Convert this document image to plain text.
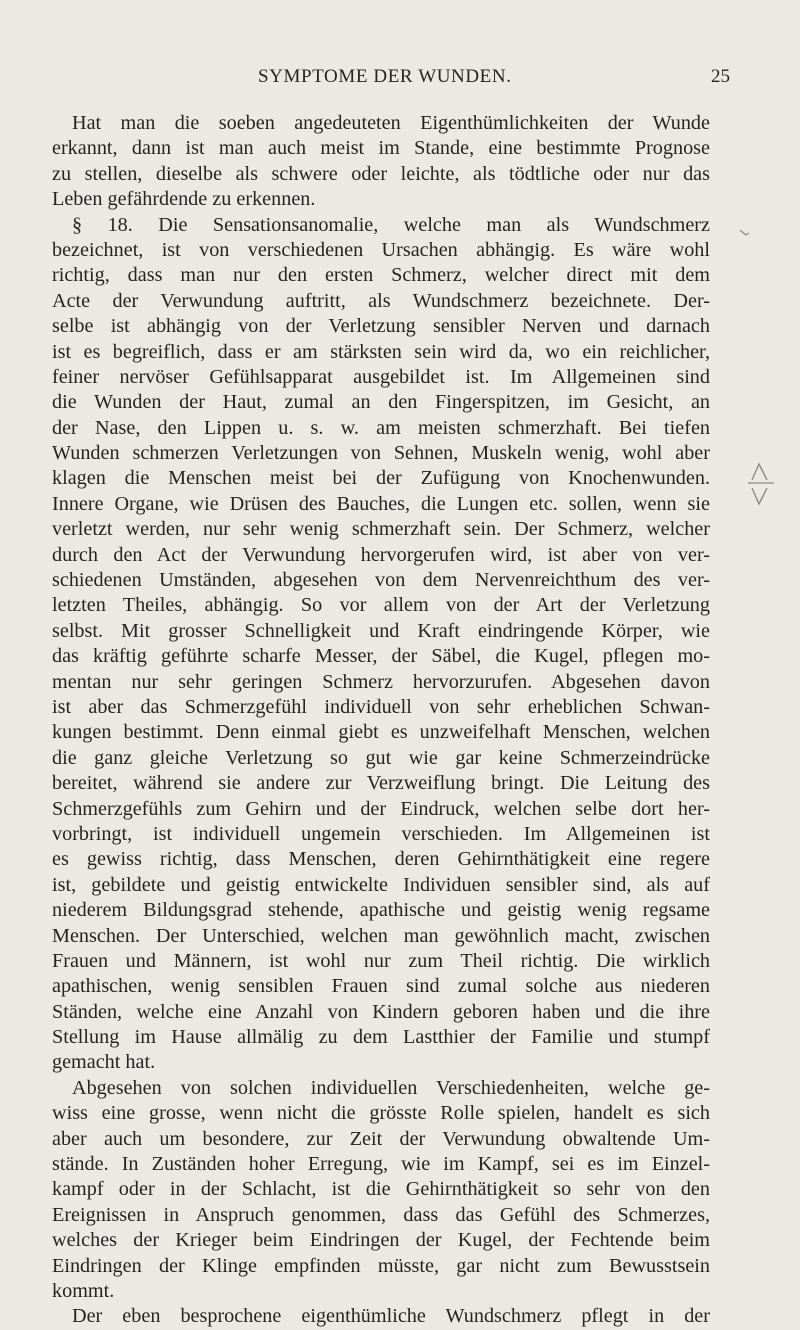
SYMPTOME DER WUNDEN.	25
Hat man die soeben angedeuteten Eigenthümlichkeiten der Wunde
erkannt, dann ist man auch meist im Stande, eine bestimmte Prognose
zu stellen, dieselbe als schwere oder leichte, als tödtliche oder nur das
Leben gefährdende zu erkennen.
§ 18. Die Sensationsanomalie, welche man als Wundschmerz
bezeichnet, ist von verschiedenen Ursachen abhängig. Es wäre wohl
richtig, dass man nur den ersten Schmerz, welcher direct mit dem
Acte der Verwundung auftritt, als Wundschmerz bezeichnete. Der-
selbe ist abhängig von der Verletzung sensibler Nerven und darnach
ist es begreiflich, dass er am stärksten sein wird da, wo ein reichlicher,
feiner nervöser Gefühlsapparat ausgebildet ist. Im Allgemeinen sind
die Wunden der Haut, zumal an den Fingerspitzen, im Gesicht, an
der Nase, den Lippen u. s. w. am meisten schmerzhaft. Bei tiefen
Wunden schmerzen Verletzungen von Sehnen, Muskeln wenig, wohl aber
klagen die Menschen meist bei der Zufügung von Knochenwunden.
Innere Organe, wie Drüsen des Bauches, die Lungen etc. sollen, wenn sie
verletzt werden, nur sehr wenig schmerzhaft sein. Der Schmerz, welcher
durch den Act der Verwundung hervorgerufen wird, ist aber von ver-
schiedenen Umständen, abgesehen von dem Nervenreichthum des ver-
letzten Theiles, abhängig. So vor allem von der Art der Verletzung
selbst. Mit grosser Schnelligkeit und Kraft eindringende Körper, wie
das kräftig geführte scharfe Messer, der Säbel, die Kugel, pflegen mo-
mentan nur sehr geringen Schmerz hervorzurufen. Abgesehen davon
ist aber das Schmerzgefühl individuell von sehr erheblichen Schwan-
kungen bestimmt. Denn einmal giebt es unzweifelhaft Menschen, welchen
die ganz gleiche Verletzung so gut wie gar keine Schmerzeindrücke
bereitet, während sie andere zur Verzweiflung bringt. Die Leitung des
Schmerzgefühls zum Gehirn und der Eindruck, welchen selbe dort her-
vorbringt, ist individuell ungemein verschieden. Im Allgemeinen ist
es gewiss richtig, dass Menschen, deren Gehirnthätigkeit eine regere
ist, gebildete und geistig entwickelte Individuen sensibler sind, als auf
niederem Bildungsgrad stehende, apathische und geistig wenig regsame
Menschen. Der Unterschied, welchen man gewöhnlich macht, zwischen
Frauen und Männern, ist wohl nur zum Theil richtig. Die wirklich
apathischen, wenig sensiblen Frauen sind zumal solche aus niederen
Ständen, welche eine Anzahl von Kindern geboren haben und die ihre
Stellung im Hause allmälig zu dem Lastthier der Familie und stumpf
gemacht hat.
Abgesehen von solchen individuellen Verschiedenheiten, welche ge-
wiss eine grosse, wenn nicht die grösste Rolle spielen, handelt es sich
aber auch um besondere, zur Zeit der Verwundung obwaltende Um-
stände. In Zuständen hoher Erregung, wie im Kampf, sei es im Einzel-
kampf oder in der Schlacht, ist die Gehirnthätigkeit so sehr von den
Ereignissen in Anspruch genommen, dass das Gefühl des Schmerzes,
welches der Krieger beim Eindringen der Kugel, der Fechtende beim
Eindringen der Klinge empfinden müsste, gar nicht zum Bewusstsein
kommt.
Der eben besprochene eigenthümliche Wundschmerz pflegt in der
